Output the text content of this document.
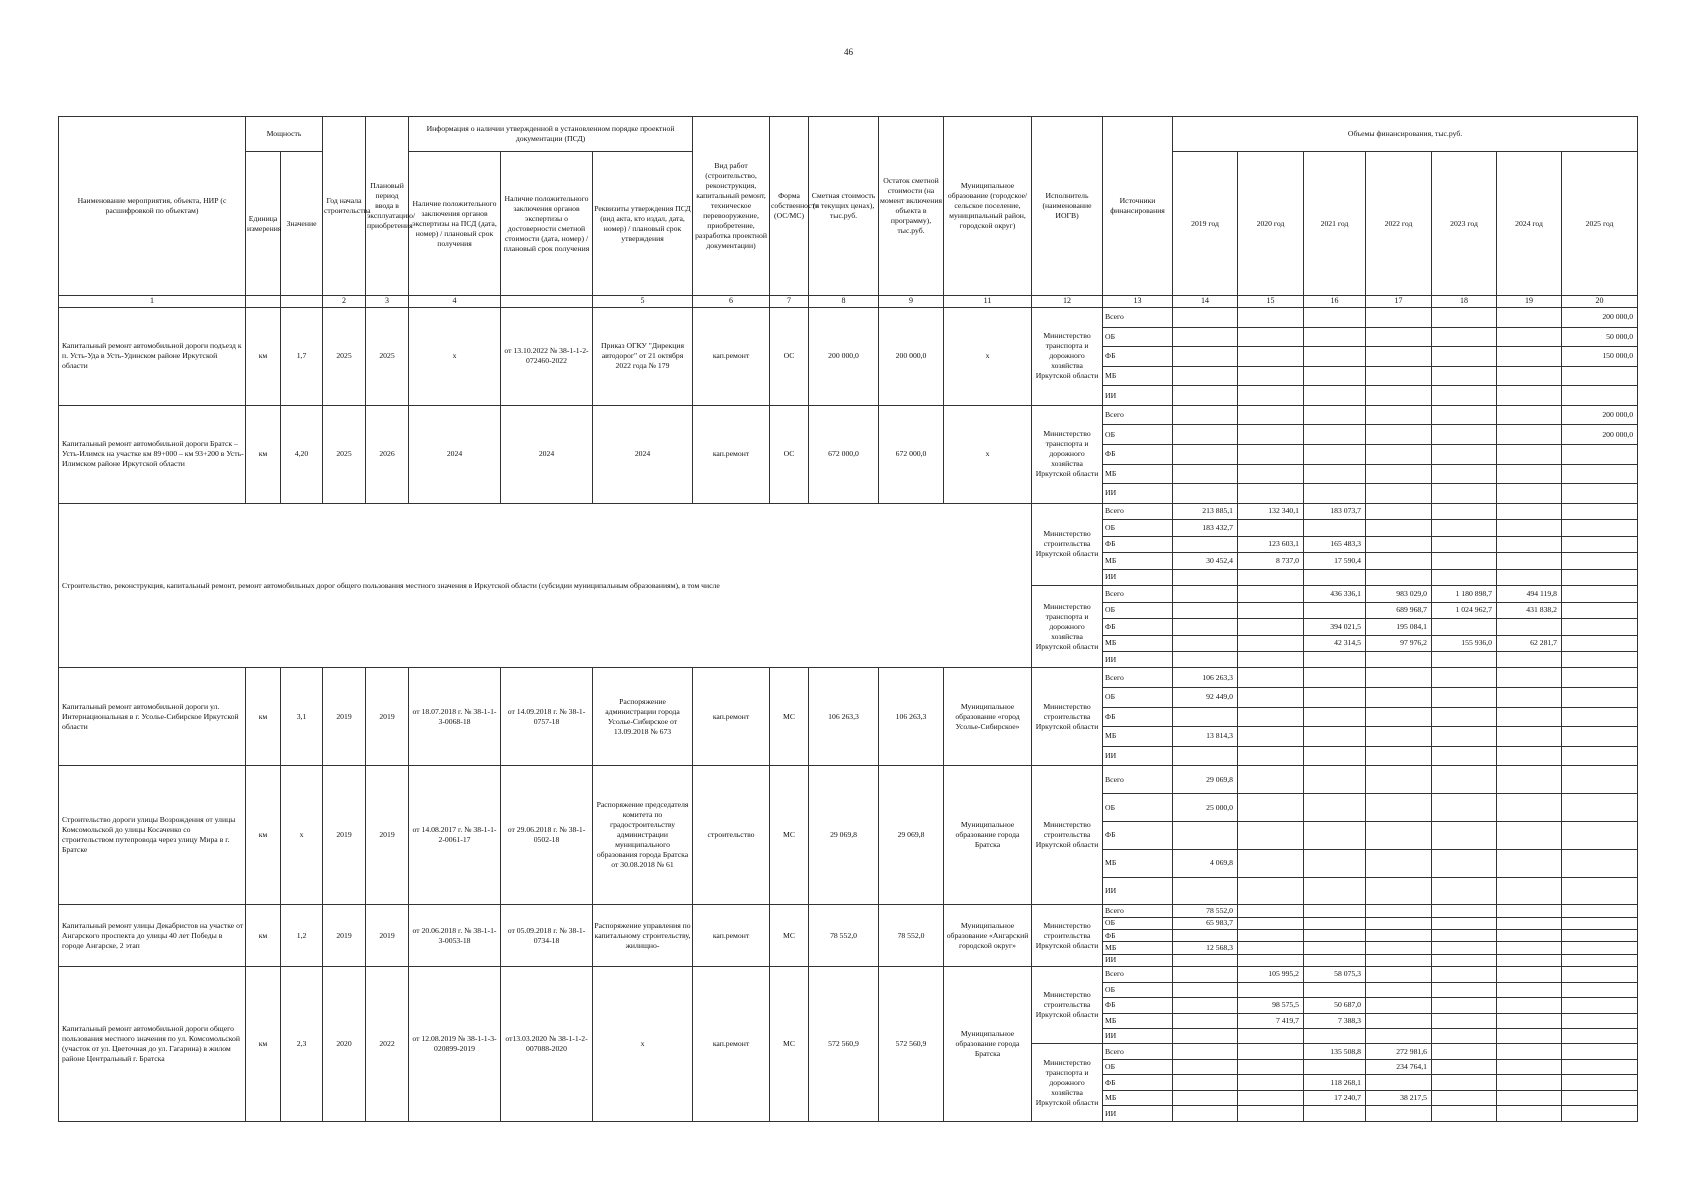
46
Наименование мероприятия, объекта, НИР (с расшифровкой по объектам)	Мощность		Год начала строительства	Плановый период ввода в эксплуатацию/приобретения	Информация о наличии утвержденной в установленном порядке проектной документации (ПСД)			Вид работ (строительство, реконструкция, капитальный ремонт, техническое перевооружение, приобретение, разработка проектной документации)	Форма собственности (ОС/МС)	Сметная стоимость (в текущих ценах), тыс.руб.	Остаток сметной стоимости (на момент включения объекта в программу), тыс.руб.	Муниципальное образование (городское/сельское поселение, муниципальный район, городской округ)	Исполнитель (наименование ИОГВ)	Источники финансирования	Объемы финансирования, тыс.руб.						
	Единица измерения	Значение			Наличие положительного заключения органов экспертизы на ПСД (дата, номер) / плановый срок получения	Наличие положительного заключения органов экспертизы о достоверности сметной стоимости (дата, номер) / плановый срок получения	Реквизиты утверждения ПСД (вид акта, кто издал, дата, номер) / плановый срок утверждения								2019 год	2020 год	2021 год	2022 год	2023 год	2024 год	2025 год
1			2	3	4		5	6	7	8	9	11	12	13	14	15	16	17	18	19	20
Капитальный ремонт автомобильной дороги подъезд к п. Усть-Уда в Усть-Удинском районе Иркутской области	км	1,7	2025	2025	х	от 13.10.2022 № 38-1-1-2-072460-2022	Приказ ОГКУ "Дирекция автодорог" от 21 октября 2022 года № 179	кап.ремонт	ОС	200 000,0	200 000,0	х	Министерство транспорта и дорожного хозяйства Иркутской области	Всего							200 000,0
														ОБ							50 000,0
														ФБ							150 000,0
														МБ							
														ИИ							
Капитальный ремонт автомобильной дороги Братск – Усть-Илимск на участке км 89+000 – км 93+200 в Усть-Илимском районе Иркутской области	км	4,20	2025	2026	2024	2024	2024	кап.ремонт	ОС	672 000,0	672 000,0	х	Министерство транспорта и дорожного хозяйства Иркутской области	Всего							200 000,0
														ОБ							200 000,0
														ФБ							
														МБ							
														ИИ							
Строительство, реконструкция, капитальный ремонт, ремонт автомобильных дорог общего пользования местного значения в Иркутской области (субсидии муниципальным образованиям), в том числе													Министерство строительства Иркутской области	Всего	213 885,1	132 340,1	183 073,7				
														ОБ	183 432,7						
														ФБ		123 603,1	165 483,3				
														МБ	30 452,4	8 737,0	17 590,4				
														ИИ							
													Министерство транспорта и дорожного хозяйства Иркутской области	Всего			436 336,1	983 029,0	1 180 898,7	494 119,8	
														ОБ				689 968,7	1 024 962,7	431 838,2	
														ФБ			394 021,5	195 084,1			
														МБ			42 314,5	97 976,2	155 936,0	62 281,7	
														ИИ							
Капитальный ремонт автомобильной дороги ул. Интернациональная в г. Усолье-Сибирское Иркутской области	км	3,1	2019	2019	от 18.07.2018 г. № 38-1-1-3-0068-18	от 14.09.2018 г. № 38-1-0757-18	Распоряжение администрации города Усолье-Сибирское от 13.09.2018 № 673	кап.ремонт	МС	106 263,3	106 263,3	Муниципальное образование «город Усолье-Сибирское»	Министерство строительства Иркутской области	Всего	106 263,3						
														ОБ	92 449,0						
														ФБ							
														МБ	13 814,3						
														ИИ							
Строительство дороги улицы Возрождения от улицы Комсомольской до улицы Косаченко со строительством путепровода через улицу Мира в г. Братске	км	х	2019	2019	от 14.08.2017 г. № 38-1-1-2-0061-17	от 29.06.2018 г. № 38-1-0502-18	Распоряжение председателя комитета по градостроительству администрации муниципального образования города Братска от 30.08.2018 № 61	строительство	МС	29 069,8	29 069,8	Муниципальное образование города Братска	Министерство строительства Иркутской области	Всего	29 069,8						
														ОБ	25 000,0						
														ФБ							
														МБ	4 069,8						
														ИИ							
Капитальный ремонт улицы Декабристов на участке от Ангарского проспекта до улицы 40 лет Победы в городе Ангарске, 2 этап	км	1,2	2019	2019	от 20.06.2018 г. № 38-1-1-3-0053-18	от 05.09.2018 г. № 38-1-0734-18	Распоряжение управления по капитальному строительству, жилищно-	кап.ремонт	МС	78 552,0	78 552,0	Муниципальное образование «Ангарский городской округ»	Министерство строительства Иркутской области	Всего	78 552,0						
														ОБ	65 983,7						
														ФБ							
														МБ	12 568,3						
														ИИ							
Капитальный ремонт автомобильной дороги общего пользования местного значения по ул. Комсомольской (участок от ул. Цветочная до ул. Гагарина) в жилом районе Центральный г. Братска	км	2,3	2020	2022	от 12.08.2019 № 38-1-1-3-020899-2019	от13.03.2020 № 38-1-1-2-007088-2020	х	кап.ремонт	МС	572 560,9	572 560,9	Муниципальное образование города Братска	Министерство строительства Иркутской области	Всего		105 995,2	58 075,3				
														ОБ							
														ФБ		98 575,5	50 687,0				
														МБ		7 419,7	7 388,3				
														ИИ							
													Министерство транспорта и дорожного хозяйства Иркутской области	Всего			135 508,8	272 981,6			
														ОБ				234 764,1			
														ФБ			118 268,1				
														МБ			17 240,7	38 217,5			
														ИИ							
